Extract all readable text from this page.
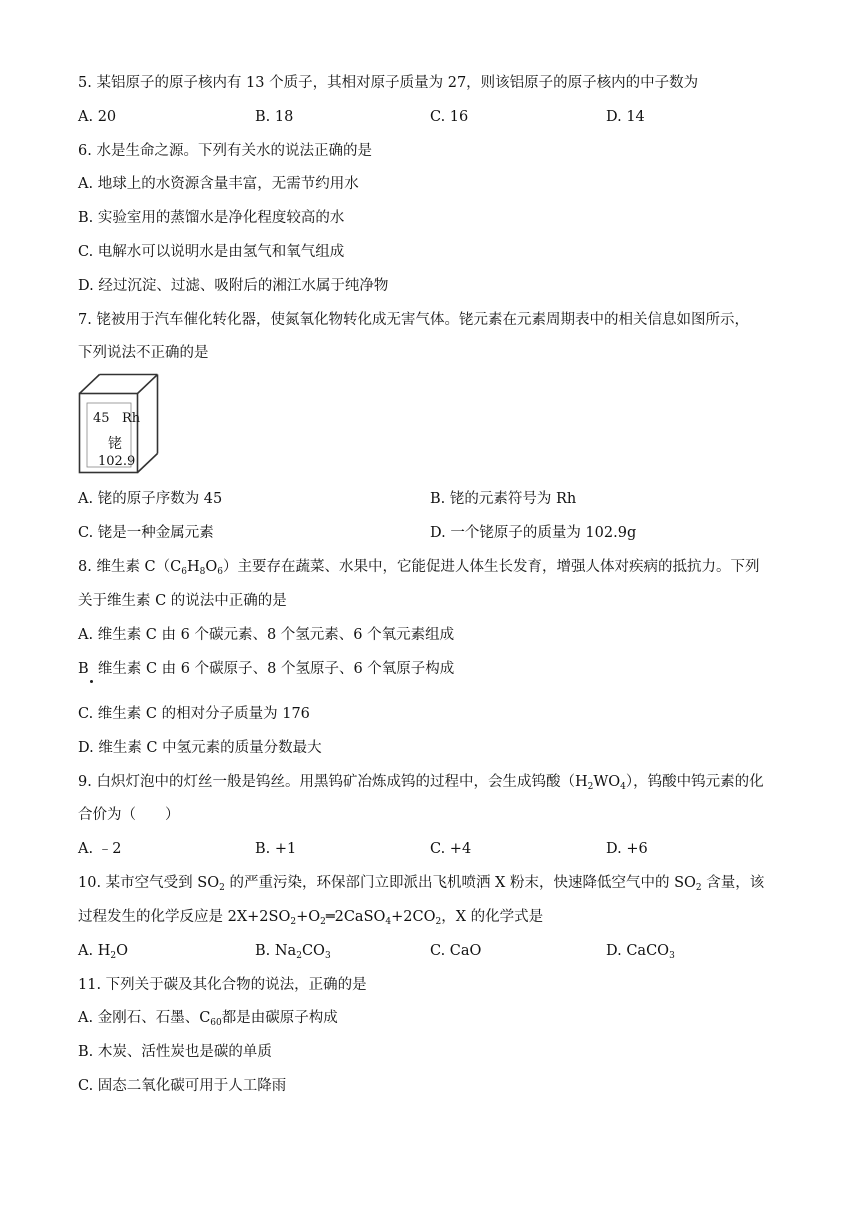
5. 某铝原子的原子核内有 13 个质子，其相对原子质量为 27，则该铝原子的原子核内的中子数为
A. 20	B. 18	C. 16	D. 14
6. 水是生命之源。下列有关水的说法正确的是
A. 地球上的水资源含量丰富，无需节约用水
B. 实验室用的蒸馏水是净化程度较高的水
C. 电解水可以说明水是由氢气和氧气组成
D. 经过沉淀、过滤、吸附后的湘江水属于纯净物
7. 铑被用于汽车催化转化器，使氮氧化物转化成无害气体。铑元素在元素周期表中的相关信息如图所示，
下列说法不正确的是
45 Rh
铑
102.9
A. 铑的原子序数为 45	B. 铑的元素符号为 Rh
C. 铑是一种金属元素	D. 一个铑原子的质量为 102.9g
8. 维生素 $C(C_6H_8O_6)$主要存在蔬菜、水果中，它能促进人体生长发育，增强人体对疾病的抵抗力。下列
关于维生素 C 的说法中正确的是
A. 维生素 C 由 6 个碳元素、8 个氢元素、6 个氧元素组成
B  维生素 C 由 6 个碳原子、8 个氢原子、6 个氧原子构成
C. 维生素 C 的相对分子质量为 176
D. 维生素 C 中氢元素的质量分数最大
9. 白炽灯泡中的灯丝一般是钨丝。用黑钨矿冶炼成钨的过程中，会生成钨酸$(H_2WO_4)$，钨酸中钨元素的化
合价为（　　）
A. ﹣2	B. +1	C. +4	D. +6
10. 某市空气受到 $SO_2$ 的严重污染，环保部门立即派出飞机喷洒 X 粉末，快速降低空气中的 $SO_2$ 含量，该
过程发生的化学反应是 $2X+2SO_2+O_2═2CaSO_4+2CO_2$，X 的化学式是
A. $H_2O$	B. $Na_2CO_3$	C. CaO	D. CaCO$_3$
11. 下列关于碳及其化合物的说法，正确的是
A. 金刚石、石墨、$C_{60}$都是由碳原子构成
B. 木炭、活性炭也是碳的单质
C. 固态二氧化碳可用于人工降雨
